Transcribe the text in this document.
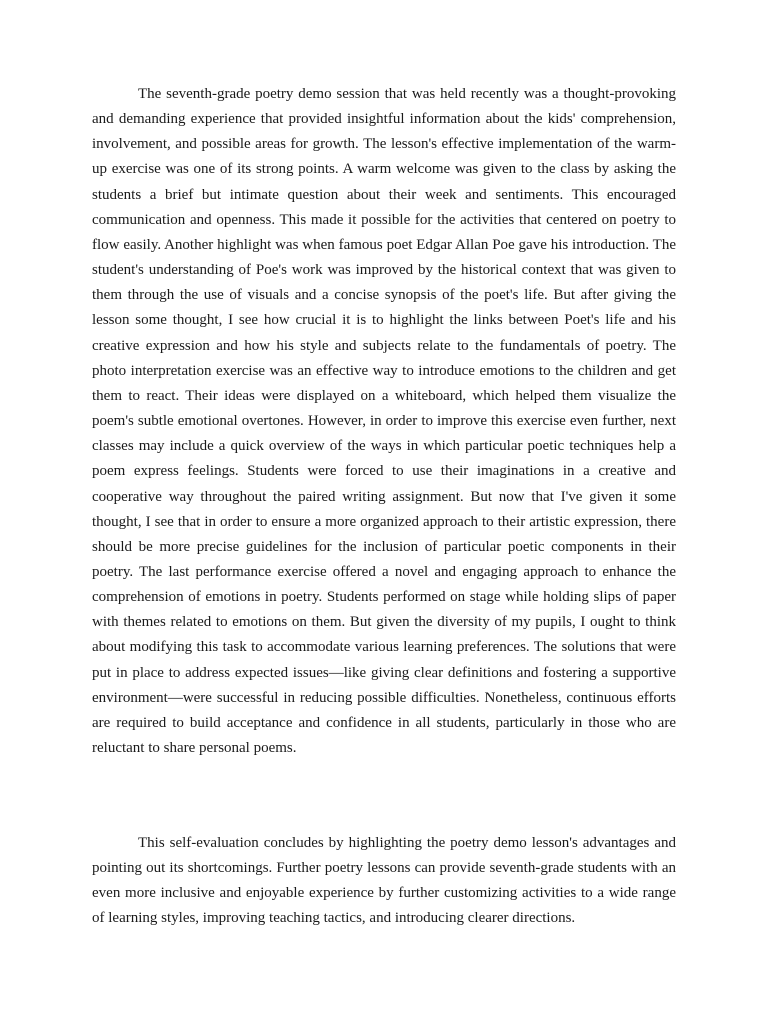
The seventh-grade poetry demo session that was held recently was a thought-provoking and demanding experience that provided insightful information about the kids' comprehension, involvement, and possible areas for growth. The lesson's effective implementation of the warm-up exercise was one of its strong points. A warm welcome was given to the class by asking the students a brief but intimate question about their week and sentiments. This encouraged communication and openness. This made it possible for the activities that centered on poetry to flow easily. Another highlight was when famous poet Edgar Allan Poe gave his introduction. The student's understanding of Poe's work was improved by the historical context that was given to them through the use of visuals and a concise synopsis of the poet's life. But after giving the lesson some thought, I see how crucial it is to highlight the links between Poet's life and his creative expression and how his style and subjects relate to the fundamentals of poetry. The photo interpretation exercise was an effective way to introduce emotions to the children and get them to react. Their ideas were displayed on a whiteboard, which helped them visualize the poem's subtle emotional overtones. However, in order to improve this exercise even further, next classes may include a quick overview of the ways in which particular poetic techniques help a poem express feelings. Students were forced to use their imaginations in a creative and cooperative way throughout the paired writing assignment. But now that I've given it some thought, I see that in order to ensure a more organized approach to their artistic expression, there should be more precise guidelines for the inclusion of particular poetic components in their poetry. The last performance exercise offered a novel and engaging approach to enhance the comprehension of emotions in poetry. Students performed on stage while holding slips of paper with themes related to emotions on them. But given the diversity of my pupils, I ought to think about modifying this task to accommodate various learning preferences. The solutions that were put in place to address expected issues—like giving clear definitions and fostering a supportive environment—were successful in reducing possible difficulties. Nonetheless, continuous efforts are required to build acceptance and confidence in all students, particularly in those who are reluctant to share personal poems.

This self-evaluation concludes by highlighting the poetry demo lesson's advantages and pointing out its shortcomings. Further poetry lessons can provide seventh-grade students with an even more inclusive and enjoyable experience by further customizing activities to a wide range of learning styles, improving teaching tactics, and introducing clearer directions.
